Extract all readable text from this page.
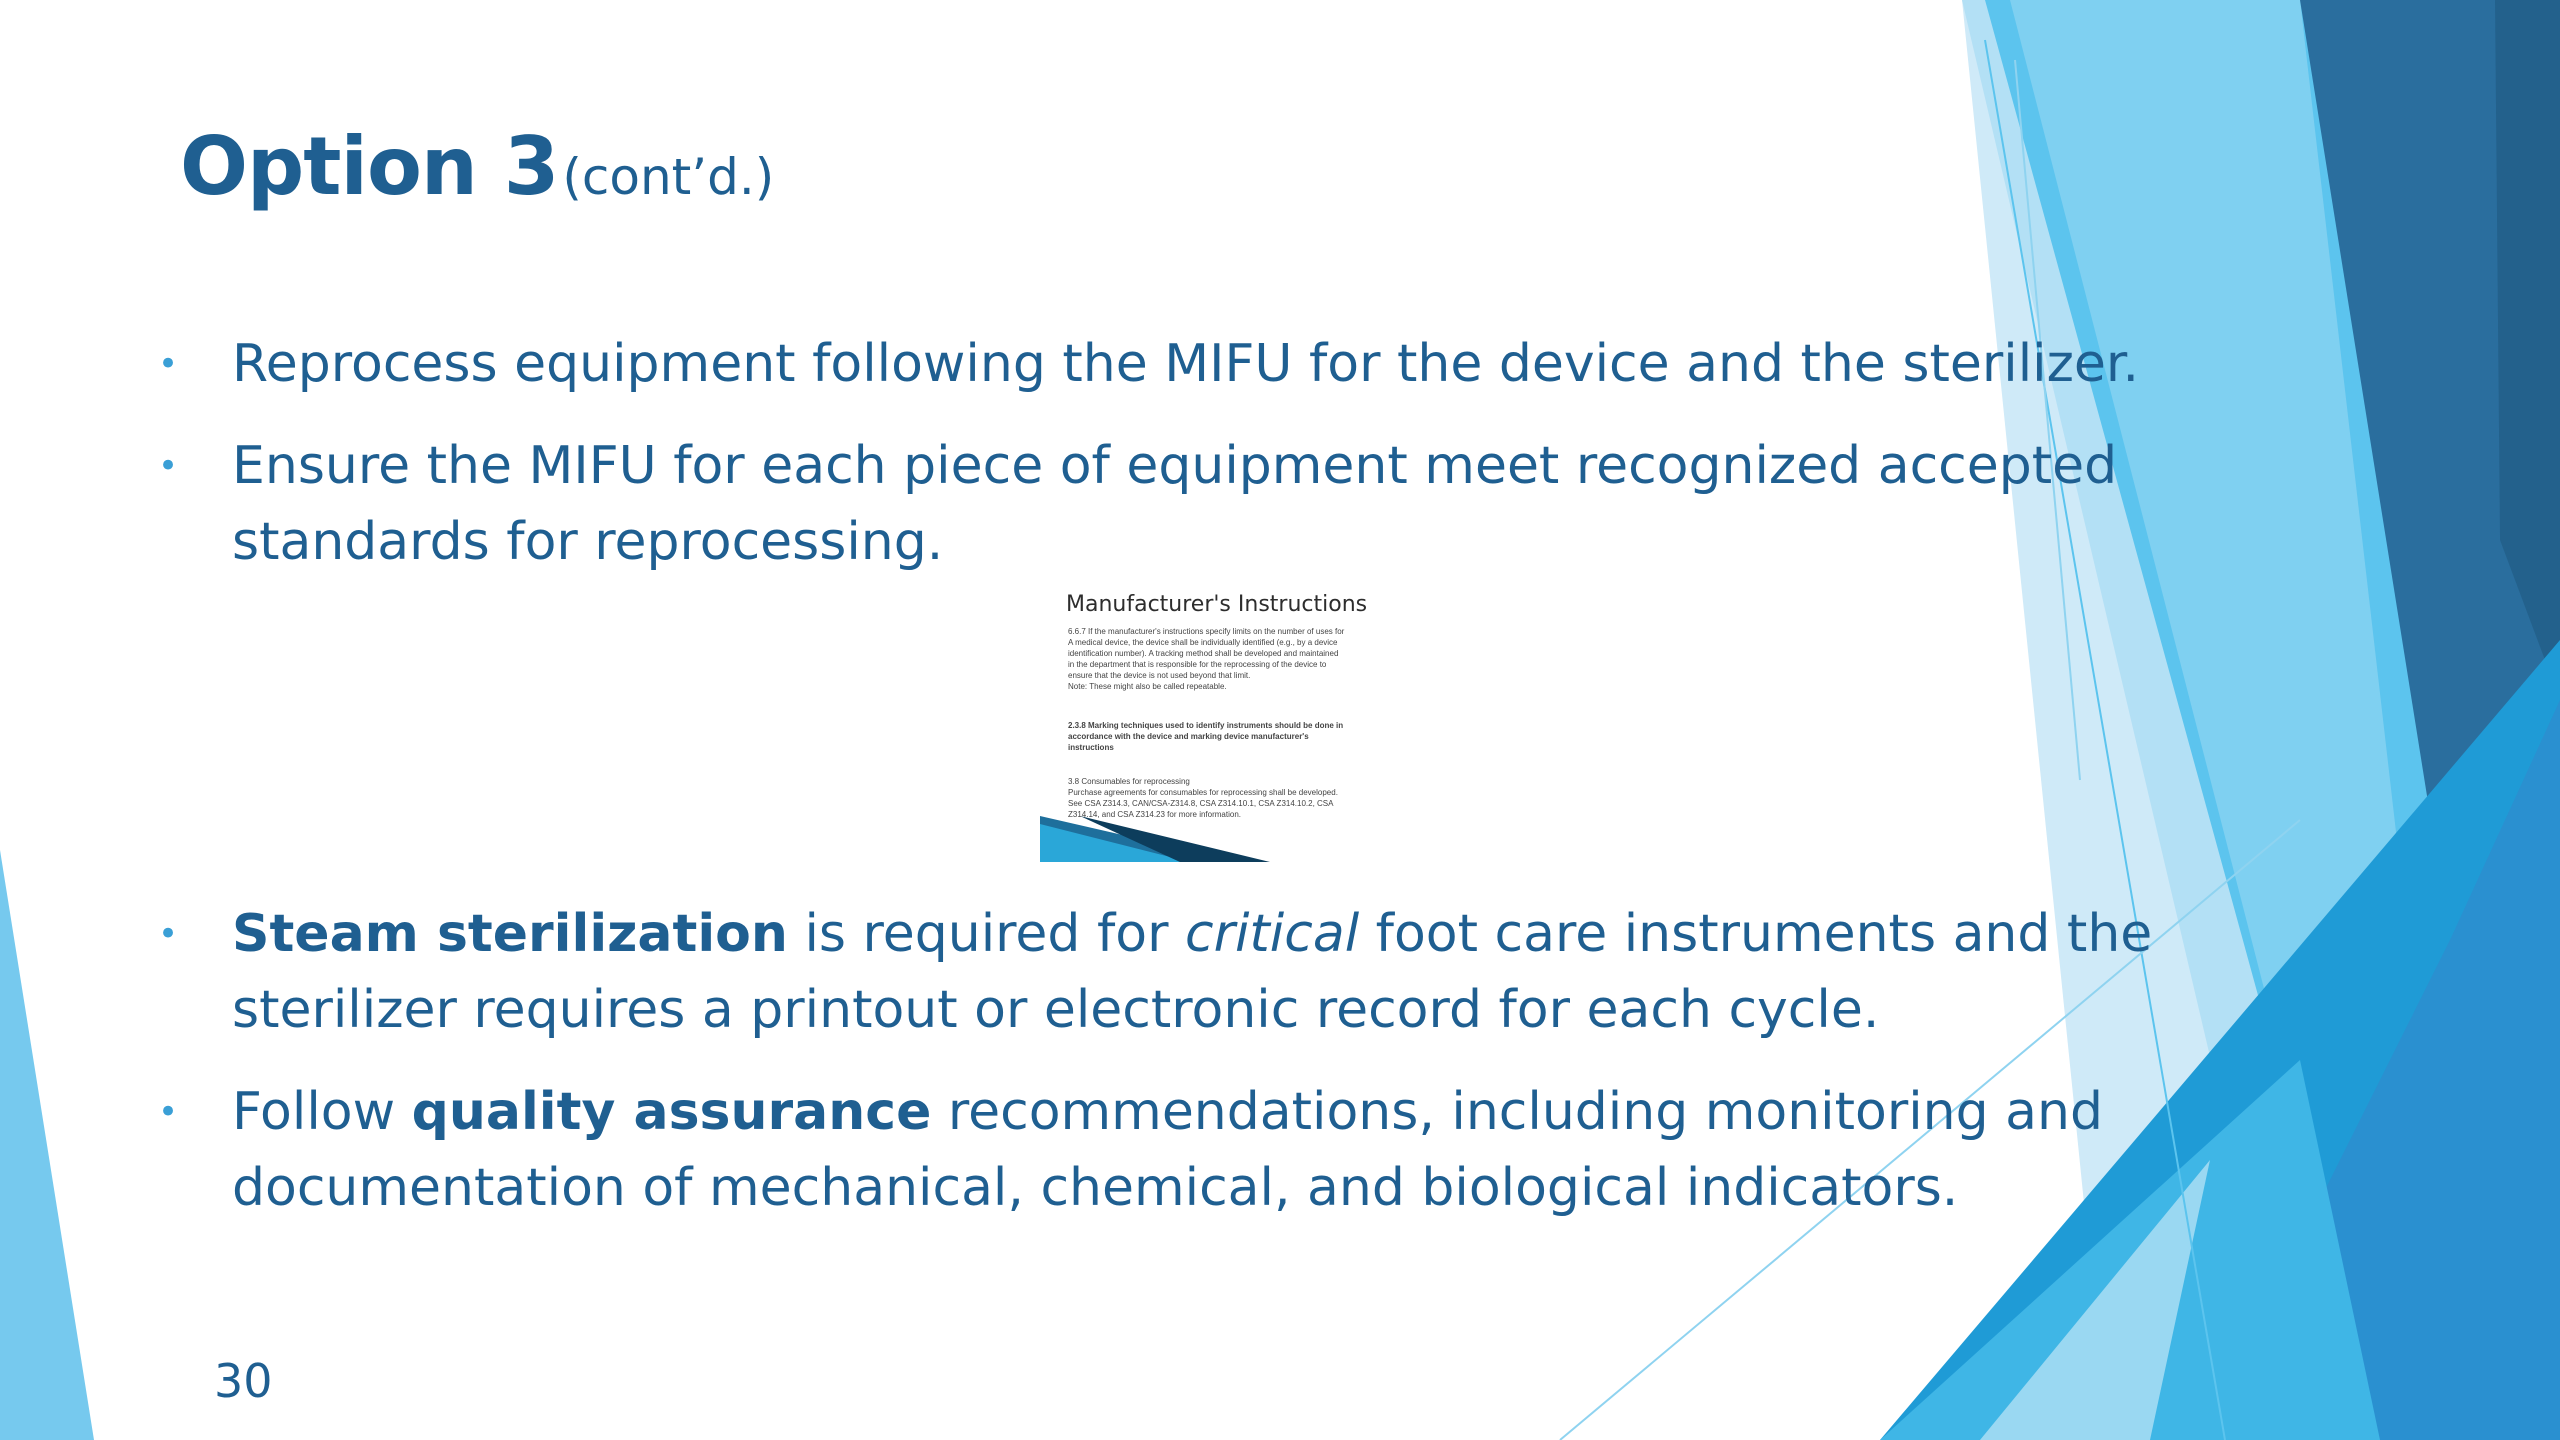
Option 3(cont’d.)
• Reprocess equipment following the MIFU for the device and the sterilizer.
• Ensure the MIFU for each piece of equipment meet recognized accepted standards for reprocessing.
Manufacturer's Instructions
6.6.7 If the manufacturer's instructions specify limits on the number of uses for
A medical device, the device shall be individually identified (e.g., by a device
identification number). A tracking method shall be developed and maintained
in the department that is responsible for the reprocessing of the device to
ensure that the device is not used beyond that limit.
Note: These might also be called repeatable.
2.3.8 Marking techniques used to identify instruments should be done in
accordance with the device and marking device manufacturer's
instructions
3.8 Consumables for reprocessing
Purchase agreements for consumables for reprocessing shall be developed.
See CSA Z314.3, CAN/CSA-Z314.8, CSA Z314.10.1, CSA Z314.10.2, CSA
Z314.14, and CSA Z314.23 for more information.
• Steam sterilization is required for critical foot care instruments and the sterilizer requires a printout or electronic record for each cycle.
• Follow quality assurance recommendations, including monitoring and documentation of mechanical, chemical, and biological indicators.
30
